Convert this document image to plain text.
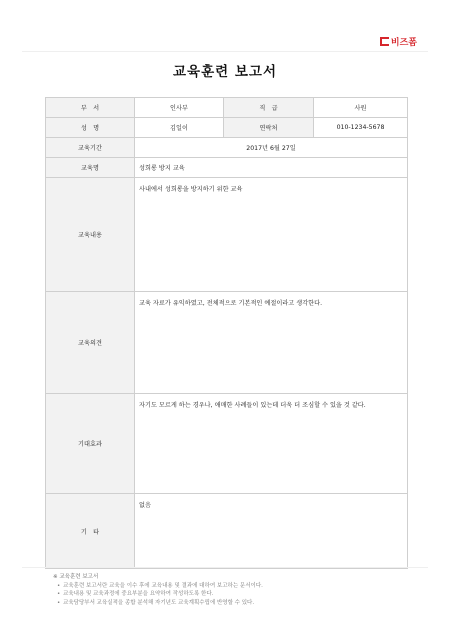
비즈폼
교육훈련 보고서
부　서	인사부	직　급	사원
성　명	김일이	연락처	010-1234-5678
교육기간	2017년 6월 27일		
교육명	성희롱 방지 교육		
교육내용	사내에서 성희롱을 방지하기 위한 교육		
교육의견	교육 자료가 유익하였고, 전체적으로 기본적인 예절이라고 생각한다.		
기대효과	자기도 모르게 하는 경우나, 애매한 사례들이 있는데 더욱 더 조심할 수 있을 것 같다.		
기　타	없음		
※ 교육훈련 보고서
• 교육훈련 보고서란 교육을 이수 후에 교육내용 및 결과에 대하여 보고하는 문서이다.
• 교육내용 및 교육과정에 중요부분을 요약하여 작성하도록 한다.
• 교육담당부서 교육실적을 종합 분석해 자기년도 교육계획수립에 반영할 수 있다.
